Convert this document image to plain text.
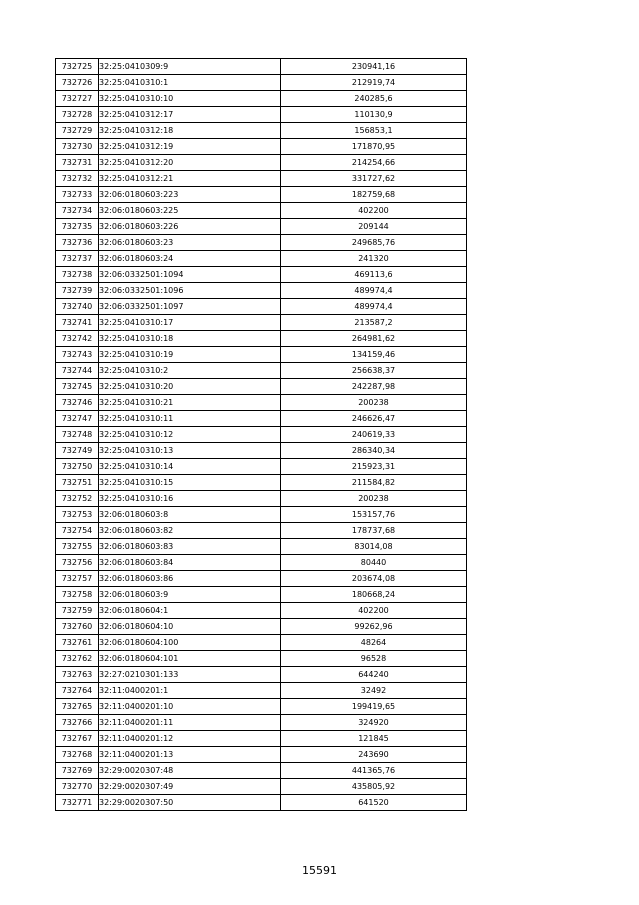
732725	32:25:0410309:9	230941,16
732726	32:25:0410310:1	212919,74
732727	32:25:0410310:10	240285,6
732728	32:25:0410312:17	110130,9
732729	32:25:0410312:18	156853,1
732730	32:25:0410312:19	171870,95
732731	32:25:0410312:20	214254,66
732732	32:25:0410312:21	331727,62
732733	32:06:0180603:223	182759,68
732734	32:06:0180603:225	402200
732735	32:06:0180603:226	209144
732736	32:06:0180603:23	249685,76
732737	32:06:0180603:24	241320
732738	32:06:0332501:1094	469113,6
732739	32:06:0332501:1096	489974,4
732740	32:06:0332501:1097	489974,4
732741	32:25:0410310:17	213587,2
732742	32:25:0410310:18	264981,62
732743	32:25:0410310:19	134159,46
732744	32:25:0410310:2	256638,37
732745	32:25:0410310:20	242287,98
732746	32:25:0410310:21	200238
732747	32:25:0410310:11	246626,47
732748	32:25:0410310:12	240619,33
732749	32:25:0410310:13	286340,34
732750	32:25:0410310:14	215923,31
732751	32:25:0410310:15	211584,82
732752	32:25:0410310:16	200238
732753	32:06:0180603:8	153157,76
732754	32:06:0180603:82	178737,68
732755	32:06:0180603:83	83014,08
732756	32:06:0180603:84	80440
732757	32:06:0180603:86	203674,08
732758	32:06:0180603:9	180668,24
732759	32:06:0180604:1	402200
732760	32:06:0180604:10	99262,96
732761	32:06:0180604:100	48264
732762	32:06:0180604:101	96528
732763	32:27:0210301:133	644240
732764	32:11:0400201:1	32492
732765	32:11:0400201:10	199419,65
732766	32:11:0400201:11	324920
732767	32:11:0400201:12	121845
732768	32:11:0400201:13	243690
732769	32:29:0020307:48	441365,76
732770	32:29:0020307:49	435805,92
732771	32:29:0020307:50	641520
15591
